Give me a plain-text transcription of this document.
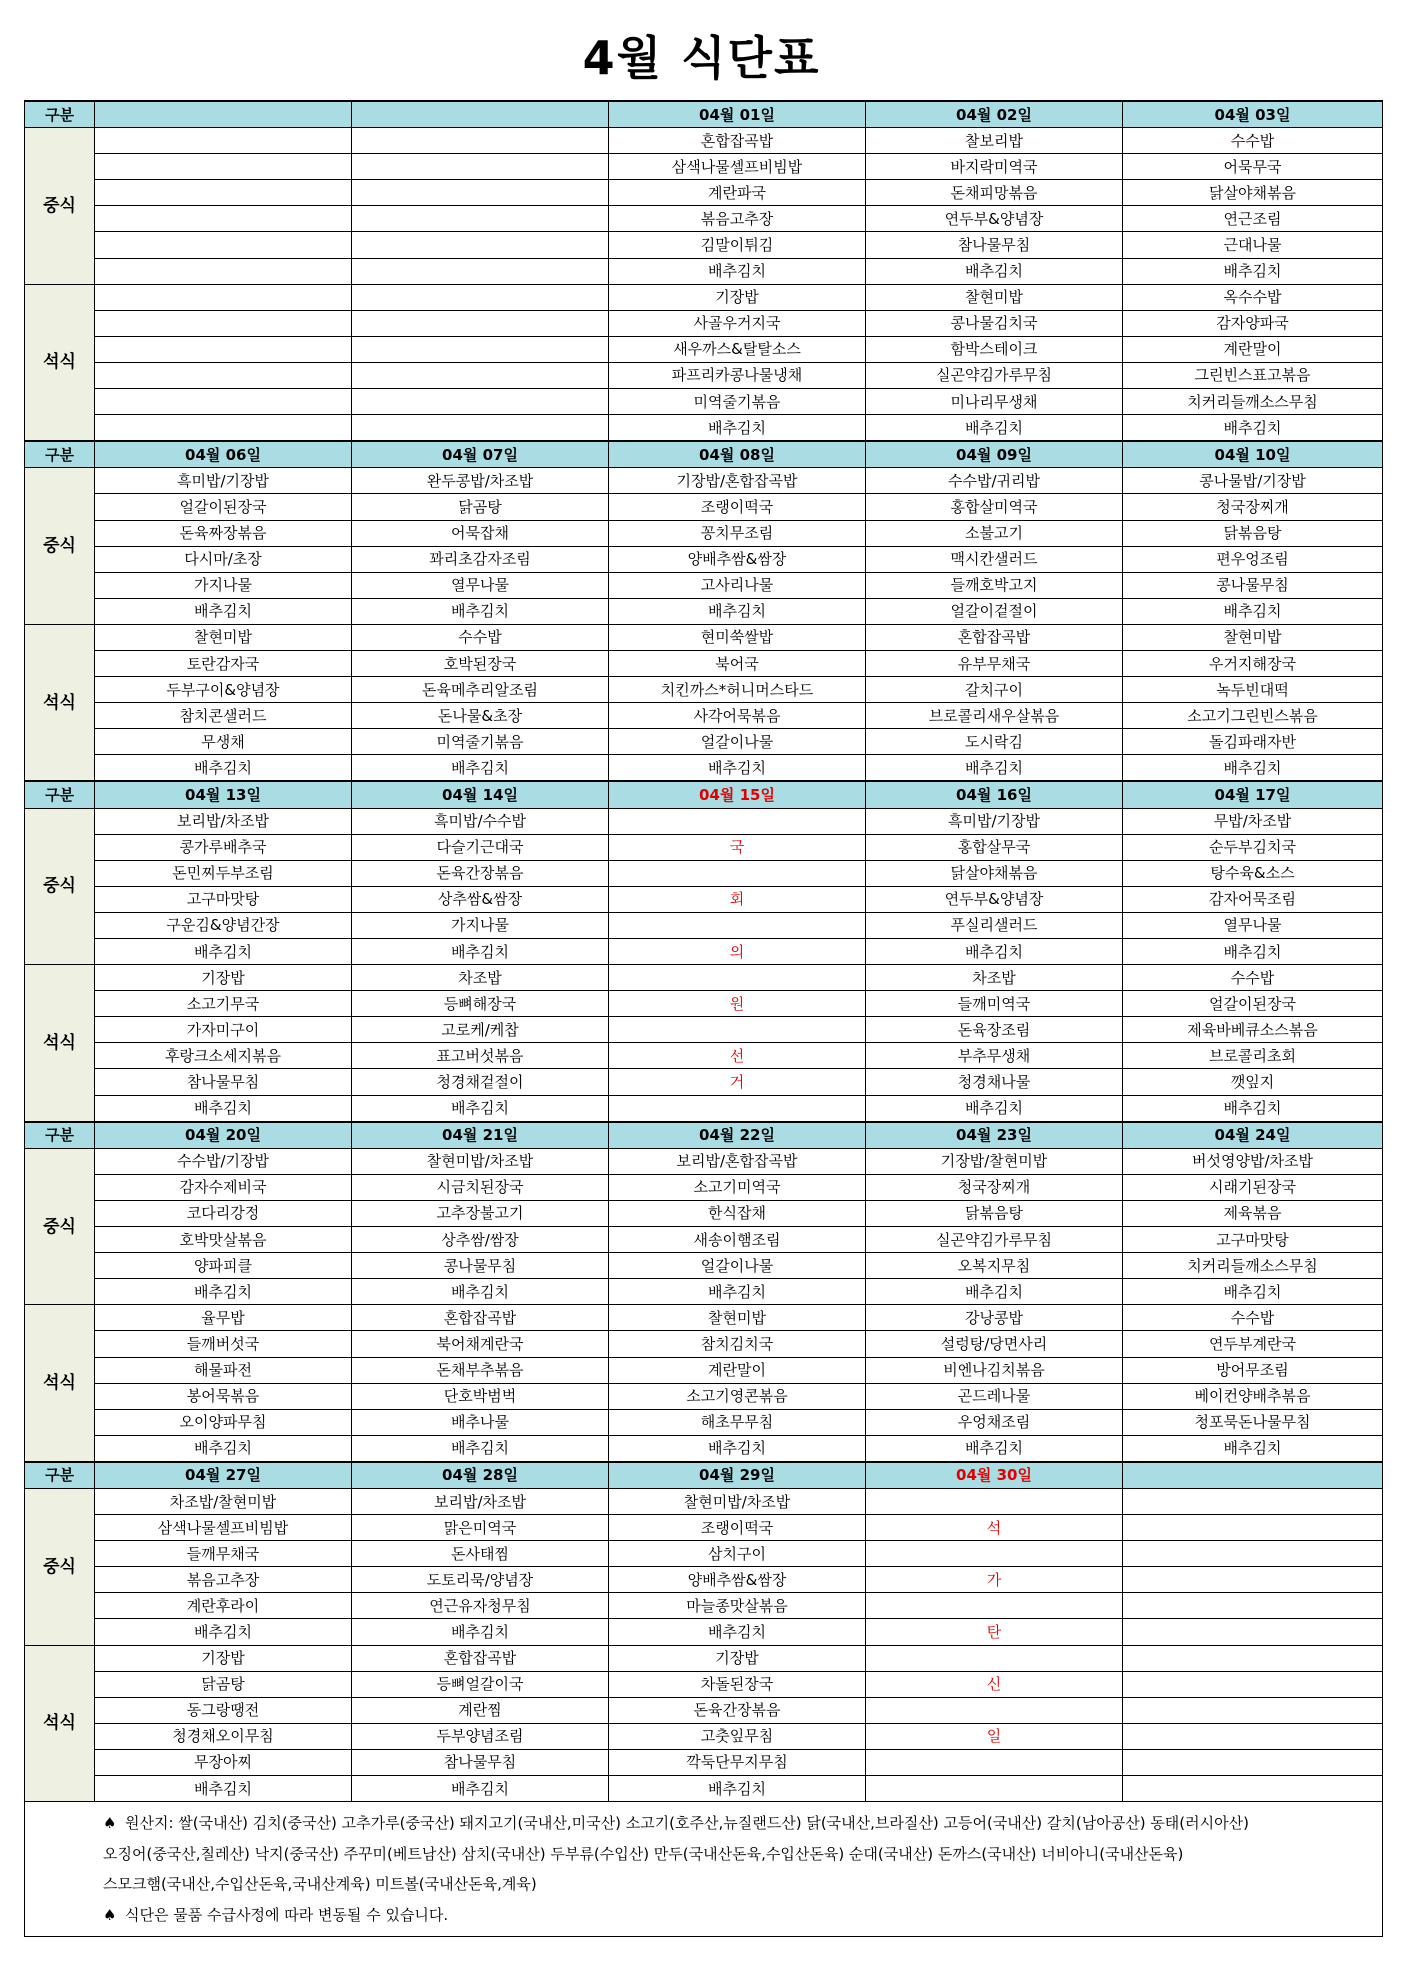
4월 식단표
구분			04월 01일	04월 02일	04월 03일
중식			혼합잡곡밥	찰보리밥	수수밥
			삼색나물셀프비빔밥	바지락미역국	어묵무국
			계란파국	돈채피망볶음	닭살야채볶음
			볶음고추장	연두부&양념장	연근조림
			김말이튀김	참나물무침	근대나물
			배추김치	배추김치	배추김치
석식			기장밥	찰현미밥	옥수수밥
			사골우거지국	콩나물김치국	감자양파국
			새우까스&탈탈소스	함박스테이크	계란말이
			파프리카콩나물냉채	실곤약김가루무침	그린빈스표고볶음
			미역줄기볶음	미나리무생채	치커리들깨소스무침
			배추김치	배추김치	배추김치
구분	04월 06일	04월 07일	04월 08일	04월 09일	04월 10일
중식	흑미밥/기장밥	완두콩밥/차조밥	기장밥/혼합잡곡밥	수수밥/귀리밥	콩나물밥/기장밥
	얼갈이된장국	닭곰탕	조랭이떡국	홍합살미역국	청국장찌개
	돈육짜장볶음	어묵잡채	꽁치무조림	소불고기	닭볶음탕
	다시마/초장	꽈리초감자조림	양배추쌈&쌈장	맥시칸샐러드	편우엉조림
	가지나물	열무나물	고사리나물	들깨호박고지	콩나물무침
	배추김치	배추김치	배추김치	얼갈이겉절이	배추김치
석식	찰현미밥	수수밥	현미쑥쌀밥	혼합잡곡밥	찰현미밥
	토란감자국	호박된장국	북어국	유부무채국	우거지해장국
	두부구이&양념장	돈육메추리알조림	치킨까스*허니머스타드	갈치구이	녹두빈대떡
	참치콘샐러드	돈나물&초장	사각어묵볶음	브로콜리새우살볶음	소고기그린빈스볶음
	무생채	미역줄기볶음	얼갈이나물	도시락김	돌김파래자반
	배추김치	배추김치	배추김치	배추김치	배추김치
구분	04월 13일	04월 14일	04월 15일	04월 16일	04월 17일
중식	보리밥/차조밥	흑미밥/수수밥		흑미밥/기장밥	무밥/차조밥
	콩가루배추국	다슬기근대국	국	홍합살무국	순두부김치국
	돈민찌두부조림	돈육간장볶음		닭살야채볶음	탕수육&소스
	고구마맛탕	상추쌈&쌈장	회	연두부&양념장	감자어묵조림
	구운김&양념간장	가지나물		푸실리샐러드	열무나물
	배추김치	배추김치	의	배추김치	배추김치
석식	기장밥	차조밥		차조밥	수수밥
	소고기무국	등뼈해장국	원	들깨미역국	얼갈이된장국
	가자미구이	고로케/케찹		돈육장조림	제육바베큐소스볶음
	후랑크소세지볶음	표고버섯볶음	선	부추무생채	브로콜리초회
	참나물무침	청경채겉절이	거	청경채나물	깻잎지
	배추김치	배추김치		배추김치	배추김치
구분	04월 20일	04월 21일	04월 22일	04월 23일	04월 24일
중식	수수밥/기장밥	찰현미밥/차조밥	보리밥/혼합잡곡밥	기장밥/찰현미밥	버섯영양밥/차조밥
	감자수제비국	시금치된장국	소고기미역국	청국장찌개	시래기된장국
	코다리강정	고추장불고기	한식잡채	닭볶음탕	제육볶음
	호박맛살볶음	상추쌈/쌈장	새송이햄조림	실곤약김가루무침	고구마맛탕
	양파피클	콩나물무침	얼갈이나물	오복지무침	치커리들깨소스무침
	배추김치	배추김치	배추김치	배추김치	배추김치
석식	율무밥	혼합잡곡밥	찰현미밥	강낭콩밥	수수밥
	들깨버섯국	북어채계란국	참치김치국	설렁탕/당면사리	연두부계란국
	해물파전	돈채부추볶음	계란말이	비엔나김치볶음	방어무조림
	봉어묵볶음	단호박범벅	소고기영콘볶음	곤드레나물	베이컨양배추볶음
	오이양파무침	배추나물	해초무무침	우엉채조림	청포묵돈나물무침
	배추김치	배추김치	배추김치	배추김치	배추김치
구분	04월 27일	04월 28일	04월 29일	04월 30일	
중식	차조밥/찰현미밥	보리밥/차조밥	찰현미밥/차조밥		
	삼색나물셀프비빔밥	맑은미역국	조랭이떡국	석	
	들깨무채국	돈사태찜	삼치구이		
	볶음고추장	도토리묵/양념장	양배추쌈&쌈장	가	
	계란후라이	연근유자청무침	마늘종맛살볶음		
	배추김치	배추김치	배추김치	탄	
석식	기장밥	혼합잡곡밥	기장밥		
	닭곰탕	등뼈얼갈이국	차돌된장국	신	
	동그랑땡전	계란찜	돈육간장볶음		
	청경채오이무침	두부양념조림	고춧잎무침	일	
	무장아찌	참나물무침	깍둑단무지무침		
	배추김치	배추김치	배추김치		

♠ 원산지: 쌀(국내산) 김치(중국산) 고추가루(중국산) 돼지고기(국내산,미국산) 소고기(호주산,뉴질랜드산) 닭(국내산,브라질산) 고등어(국내산) 갈치(남아공산) 동태(러시아산)
오징어(중국산,칠레산) 낙지(중국산) 주꾸미(베트남산) 삼치(국내산) 두부류(수입산) 만두(국내산돈육,수입산돈육) 순대(국내산) 돈까스(국내산) 너비아니(국내산돈육)
스모크햄(국내산,수입산돈육,국내산계육) 미트볼(국내산돈육,계육)
♠ 식단은 물품 수급사정에 따라 변동될 수 있습니다.					
